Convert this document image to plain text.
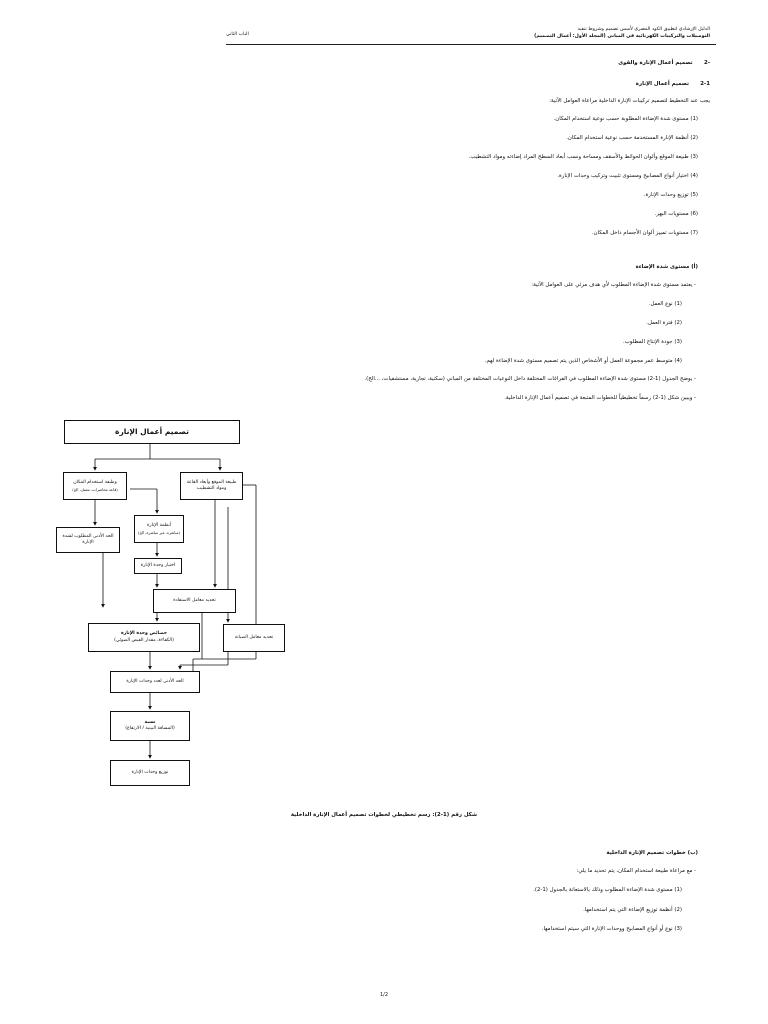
الدليل الإرشادي لتطبيق الكود المصري لأسس تصميم وشروط تنفيذ
التوصيلات والتركيبات الكهربائية في المباني (المجلد الأول: أعمال التصميم)
الباب الثاني
-2      تصميم أعمال الإنارة والقوى
2-1      تصميم أعمال الإنارة
يجب عند التخطيط لتصميم تركيبات الإنارة الداخلية مراعاة العوامل الآتية:
(1) مستوى شدة الإضاءة المطلوبة حسب نوعية استخدام المكان.
(2) أنظمة الإنارة المستخدمة حسب نوعية استخدام المكان.
(3) طبيعة الموقع وألوان الحوائط والأسقف ومساحة ونسب أبعاد السطح المراد إضاءته ومواد التشطيب.
(4) اختيار أنواع المصابيح ومستوى تثبيت وتركيب وحدات الإنارة.
(5) توزيع وحدات الإنارة.
(6) مستويات البهر.
(7) مستويات تمييز ألوان الأجسام داخل المكان.
(أ) مستوى شدة الإضاءة
- يعتمد مستوى شدة الإضاءة المطلوب لأي هدف مرئي على العوامل الآتية:
(1) نوع العمل.
(2) فترة العمل.
(3) جودة الإنتاج المطلوب.
(4) متوسط عمر مجموعة العمل أو الأشخاص الذين يتم تصميم مستوى شدة الإضاءة لهم.
- يوضح الجدول (1-2) مستوى شدة الإضاءة المطلوب في الفراغات المختلفة داخل النوعيات المختلفة من المباني (سكنية، تجارية، مستشفيات، ...الخ).
- ويبين شكل (1-2) رسماً تخطيطياً للخطوات المتبعة في تصميم أعمال الإنارة الداخلية.
تصميم أعمال الإنارة
وظيفة استخدام المكان
(قاعة محاضرات، معمل، الخ)
طبيعة الموقع وأبعاد القاعة
ومواد التشطيب
أنظمة الإنارة
(مباشرة، غير مباشرة، الخ)
الحد الأدنى المطلوب لشدة
الإنارة
اختيار وحدة الإنارة
تحديد معامل الاستفادة
خصائص وحدة الإنارة
(الكفاءة، مقدار الفيض الضوئي)
تحديد معامل الصيانة
الحد الأدنى لعدد وحدات الإنارة
نسبة
(المسافة البينية / الارتفاع)
توزيع وحدات الإنارة
شكل رقم (1-2): رسم تخطيطي لخطوات تصميم أعمال الإنارة الداخلية
(ب) خطوات تصميم الإنارة الداخلية
- مع مراعاة طبيعة استخدام المكان، يتم تحديد ما يلي:
(1) مستوى شدة الإضاءة المطلوب وذلك بالاستعانة بالجدول (1-2).
(2) أنظمة توزيع الإضاءة التي يتم استخدامها.
(3) نوع أو أنواع المصابيح ووحدات الإنارة التي سيتم استخدامها.
1/2
